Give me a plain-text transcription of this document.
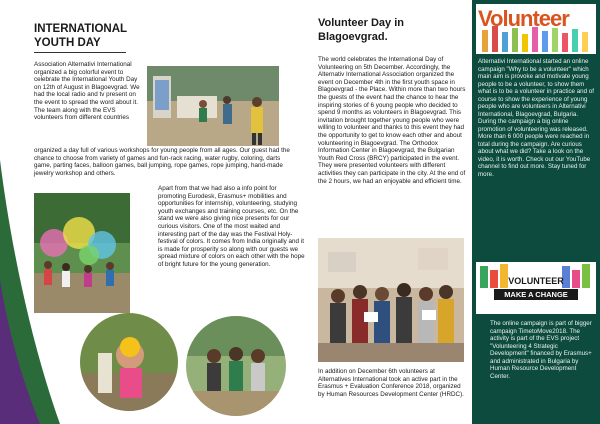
INTERNATIONAL YOUTH DAY
Association Alternativi International organized a big colorful event to celebrate the International Youth Day on 12th of August in Blagoevgrad. We had the local radio and tv present on the event to spread the word about it. The team along with the EVS volunteers from different countries
organized a day full of various workshops for young people from all ages. Our guest had the chance to choose from variety of games and fun-rack racing, water rugby, coloring, darts game, parting faces, balloon games, ball jumping, rope games, rope jumping, hand-made jewelry workshop and others.
Apart from that we had also a info point for promoting Eurodesk, Erasmus+ mobilities and opportunities for internship, volunteering, studying youth exchanges and training courses, etc. On the stand we were also giving nice presents for our curious visitors. One of the most waited and interesting part of the day was the Festival Holy-festival of colors. It comes from India originally and it is made for prosperity so along with our guests we spread mixture of colors on each other with the hope of bright future for the young generation.
Volunteer Day in Blagoevgrad.
The world celebrates the International Day of Volunteering on 5th December. Accordingly, the Alternativ International Association organized the event on December 4th in the first youth space in Blagoevgrad - the Place. Within more than two hours the guests of the event had the chance to hear the inspiring stories of 6 young people who decided to spend 9 months as volunteers in Blagoevgrad. This invitation brought together young people who were willing to volunteer and thanks to this event they had the opportunity to get to know each other and about volunteering in Blagoevgrad. The Orthodox Information Center in Blagoevgrad, the Bulgarian Youth Red Cross (BRCY) participated in the event. They were presented volunteers with different activities they can participate in the city. At the end of the 2 hours, we had an enjoyable and efficient time.
In addition on December 6th volunteers at Alternatives International took an active part in the Erasmus + Evaluation Conference 2018, organized by Human Resources Development Center (HRDC).
Volunteer
Alternativi International started an online campaign "Why to be a volunteer" which main aim is provoke and motivate young people to be a volunteer, to show them what is to be a volunteer in practice and of course to show the experience of young people who are volunteers in Alternativi International, Blagoevgrad, Bulgaria. During the campaign a big online promotion of volunteering was released. More than 6 000 people were reached in total during the campaign. Are curious about what we did? Take a look on the video, it is worth. Check out our YouTube channel to find out more. Stay tuned for more.
VOLUNTEER
MAKE A CHANGE
The online campaign is part of bigger campaign TimetoMove2018. The activity is part of the EVS project "Volunteering 4 Strategic Development" financed by Erasmus+ and administrated in Bulgaria by Human Resource Development Center.
